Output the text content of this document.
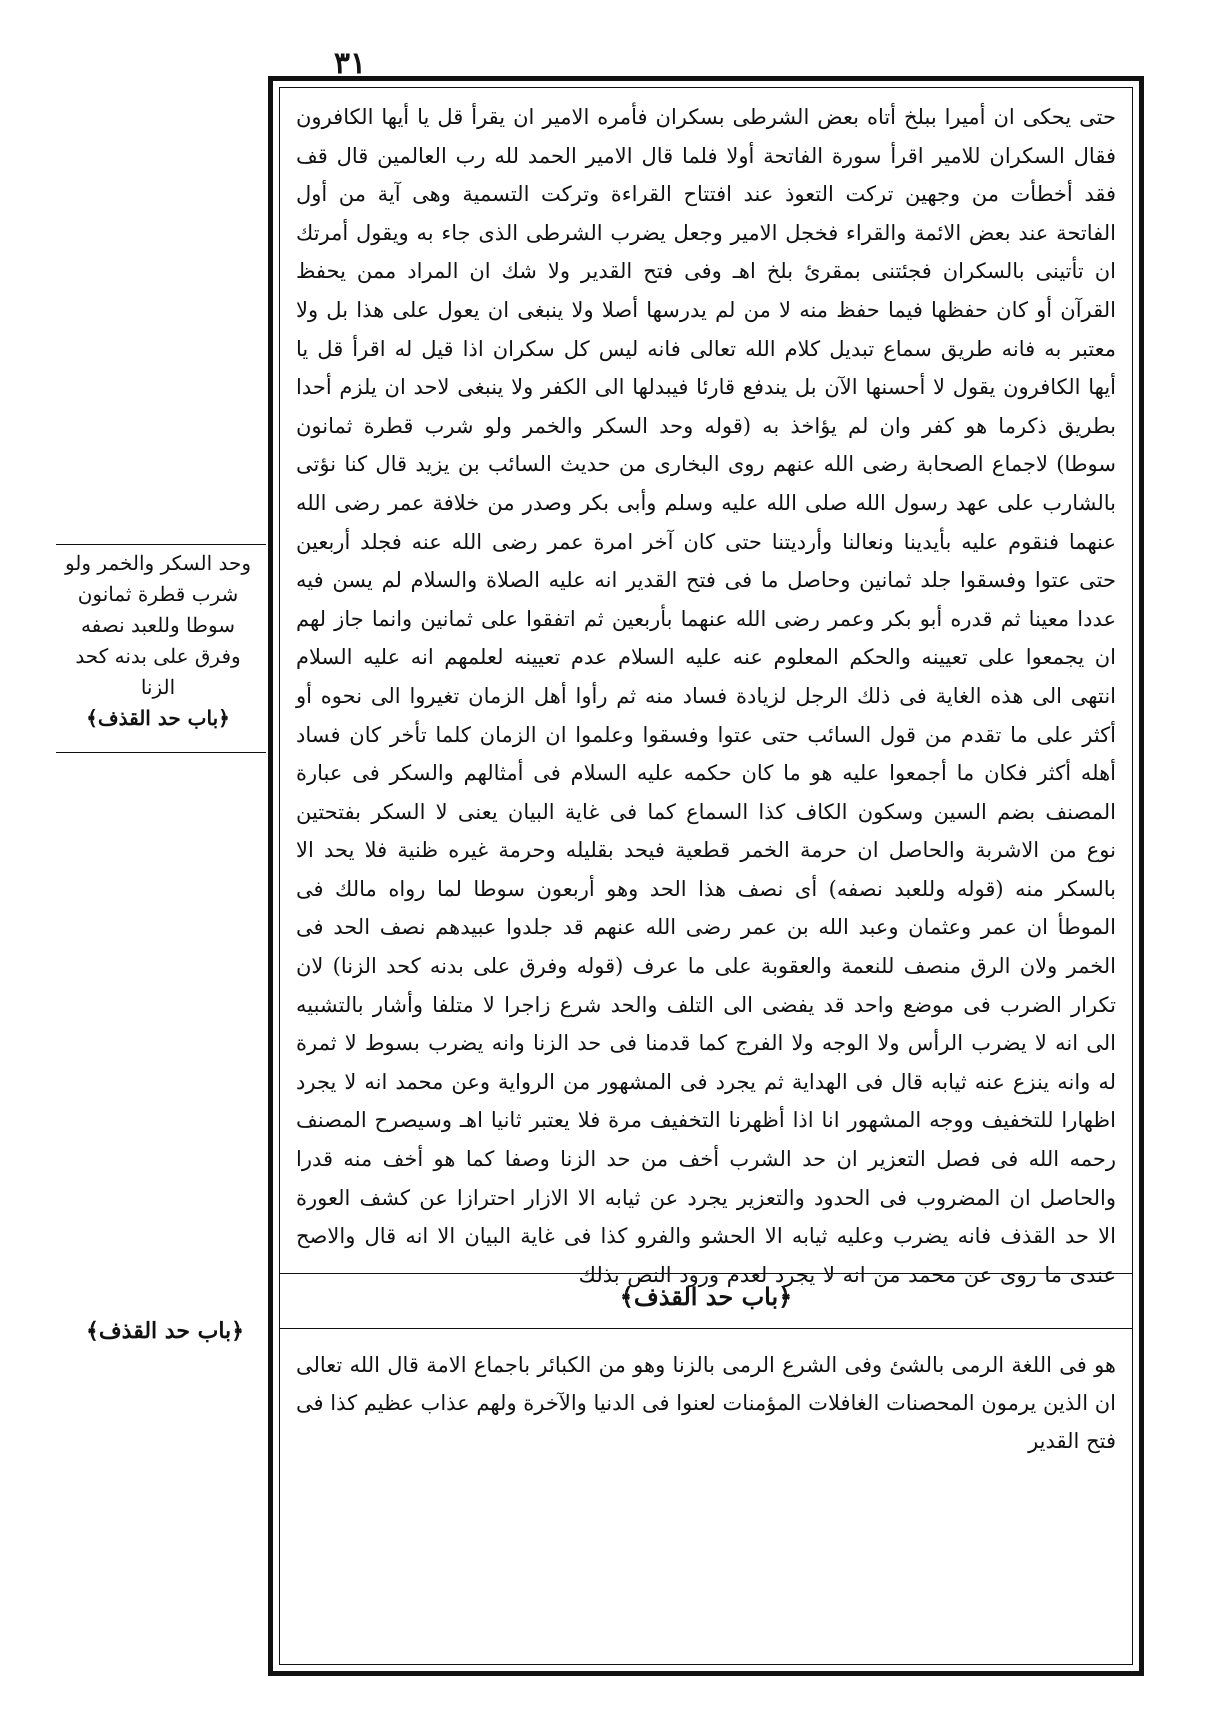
٣١

حتى يحكى ان أميرا ببلخ أتاه بعض الشرطى بسكران فأمره الامير ان يقرأ قل يا أيها الكافرون فقال السكران للامير اقرأ سورة الفاتحة أولا فلما قال الامير الحمد لله رب العالمين قال قف فقد أخطأت من وجهين تركت التعوذ عند افتتاح القراءة وتركت التسمية وهى آية من أول الفاتحة عند بعض الائمة والقراء فخجل الامير وجعل يضرب الشرطى الذى جاء به ويقول أمرتك ان تأتينى بالسكران فجئتنى بمقرئ بلخ اهـ وفى فتح القدير ولا شك ان المراد ممن يحفظ القرآن أو كان حفظها فيما حفظ منه لا من لم يدرسها أصلا ولا ينبغى ان يعول على هذا بل ولا معتبر به فانه طريق سماع تبديل كلام الله تعالى فانه ليس كل سكران اذا قيل له اقرأ قل يا أيها الكافرون يقول لا أحسنها الآن بل يندفع قارئا فيبدلها الى الكفر ولا ينبغى لاحد ان يلزم أحدا بطريق ذكرما هو كفر وان لم يؤاخذ به (قوله وحد السكر والخمر ولو شرب قطرة ثمانون سوطا) لاجماع الصحابة رضى الله عنهم روى البخارى من حديث السائب بن يزيد قال كنا نؤتى بالشارب على عهد رسول الله صلى الله عليه وسلم وأبى بكر وصدر من خلافة عمر رضى الله عنهما فنقوم عليه بأيدينا ونعالنا وأرديتنا حتى كان آخر امرة عمر رضى الله عنه فجلد أربعين حتى عتوا وفسقوا جلد ثمانين وحاصل ما فى فتح القدير انه عليه الصلاة والسلام لم يسن فيه عددا معينا ثم قدره أبو بكر وعمر رضى الله عنهما بأربعين ثم اتفقوا على ثمانين وانما جاز لهم ان يجمعوا على تعيينه والحكم المعلوم عنه عليه السلام عدم تعيينه لعلمهم انه عليه السلام انتهى الى هذه الغاية فى ذلك الرجل لزيادة فساد منه ثم رأوا أهل الزمان تغيروا الى نحوه أو أكثر على ما تقدم من قول السائب حتى عتوا وفسقوا وعلموا ان الزمان كلما تأخر كان فساد أهله أكثر فكان ما أجمعوا عليه هو ما كان حكمه عليه السلام فى أمثالهم والسكر فى عبارة المصنف بضم السين وسكون الكاف كذا السماع كما فى غاية البيان يعنى لا السكر بفتحتين نوع من الاشربة والحاصل ان حرمة الخمر قطعية فيحد بقليله وحرمة غيره ظنية فلا يحد الا بالسكر منه (قوله وللعبد نصفه) أى نصف هذا الحد وهو أربعون سوطا لما رواه مالك فى الموطأ ان عمر وعثمان وعبد الله بن عمر رضى الله عنهم قد جلدوا عبيدهم نصف الحد فى الخمر ولان الرق منصف للنعمة والعقوبة على ما عرف (قوله وفرق على بدنه كحد الزنا) لان تكرار الضرب فى موضع واحد قد يفضى الى التلف والحد شرع زاجرا لا متلفا وأشار بالتشبيه الى انه لا يضرب الرأس ولا الوجه ولا الفرج كما قدمنا فى حد الزنا وانه يضرب بسوط لا ثمرة له وانه ينزع عنه ثيابه قال فى الهداية ثم يجرد فى المشهور من الرواية وعن محمد انه لا يجرد اظهارا للتخفيف ووجه المشهور انا اذا أظهرنا التخفيف مرة فلا يعتبر ثانيا اهـ وسيصرح المصنف رحمه الله فى فصل التعزير ان حد الشرب أخف من حد الزنا وصفا كما هو أخف منه قدرا والحاصل ان المضروب فى الحدود والتعزير يجرد عن ثيابه الا الازار احترازا عن كشف العورة الا حد القذف فانه يضرب وعليه ثيابه الا الحشو والفرو كذا فى غاية البيان الا انه قال والاصح عندى ما روى عن محمد من انه لا يجرد لعدم ورود النص بذلك

﴿باب حد القذف﴾

هو فى اللغة الرمى بالشئ وفى الشرع الرمى بالزنا وهو من الكبائر باجماع الامة قال الله تعالى ان الذين يرمون المحصنات الغافلات المؤمنات لعنوا فى الدنيا والآخرة ولهم عذاب عظيم كذا فى فتح القدير

وحد السكر والخمر ولو شرب قطرة ثمانون سوطا وللعبد نصفه وفرق على بدنه كحد الزنا
﴿باب حد القذف﴾
﴿باب حد القذف﴾
